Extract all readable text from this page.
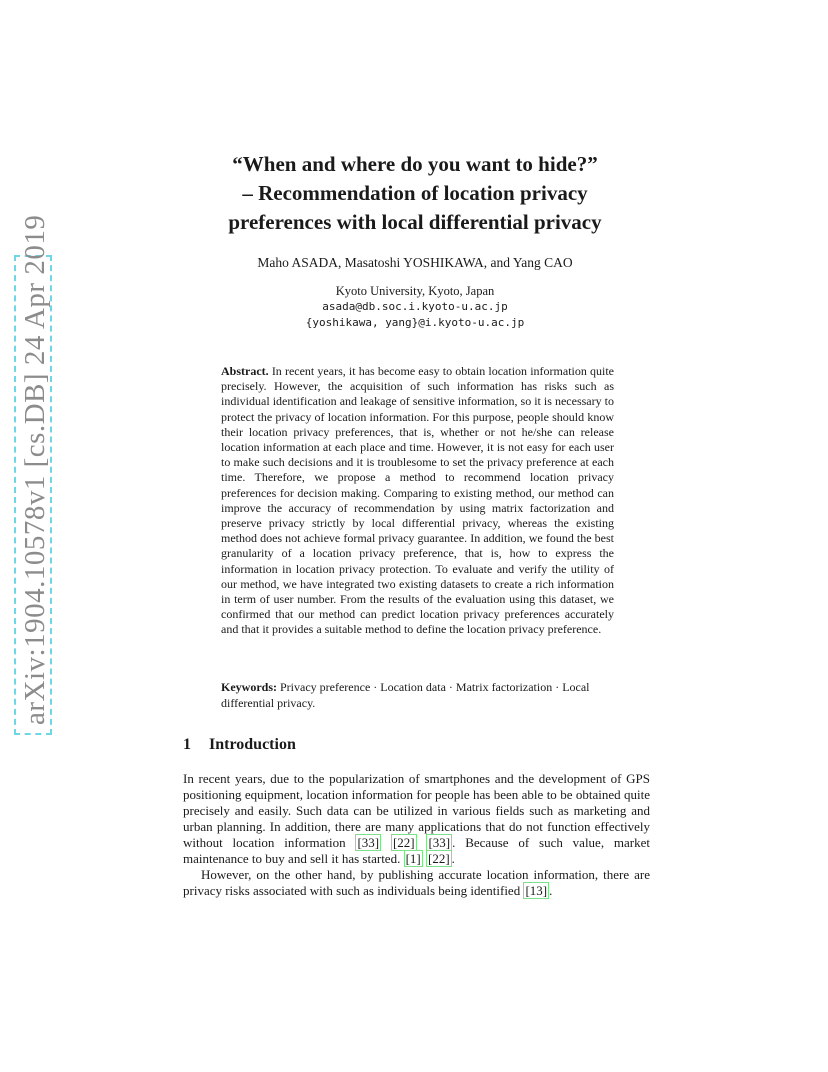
arXiv:1904.10578v1 [cs.DB] 24 Apr 2019
“When and where do you want to hide?”
– Recommendation of location privacy
preferences with local differential privacy
Maho ASADA, Masatoshi YOSHIKAWA, and Yang CAO
Kyoto University, Kyoto, Japan
asada@db.soc.i.kyoto-u.ac.jp
{yoshikawa, yang}@i.kyoto-u.ac.jp

Abstract. In recent years, it has become easy to obtain location information quite precisely. However, the acquisition of such information has risks such as individual identification and leakage of sensitive information, so it is necessary to protect the privacy of location information. For this purpose, people should know their location privacy preferences, that is, whether or not he/she can release location information at each place and time. However, it is not easy for each user to make such decisions and it is troublesome to set the privacy preference at each time. Therefore, we propose a method to recommend location privacy preferences for decision making. Comparing to existing method, our method can improve the accuracy of recommendation by using matrix factorization and preserve privacy strictly by local differential privacy, whereas the existing method does not achieve formal privacy guarantee. In addition, we found the best granularity of a location privacy preference, that is, how to express the information in location privacy protection. To evaluate and verify the utility of our method, we have integrated two existing datasets to create a rich information in term of user number. From the results of the evaluation using this dataset, we confirmed that our method can predict location privacy preferences accurately and that it provides a suitable method to define the location privacy preference.

Keywords: Privacy preference · Location data · Matrix factorization · Local differential privacy.
1 Introduction

In recent years, due to the popularization of smartphones and the development of GPS positioning equipment, location information for people has been able to be obtained quite precisely and easily. Such data can be utilized in various fields such as marketing and urban planning. In addition, there are many applications that do not function effectively without location information [33] [22] [33] . Because of such value, market maintenance to buy and sell it has started. [1] [22] .

However, on the other hand, by publishing accurate location information, there are privacy risks associated with such as individuals being identified [13] .
